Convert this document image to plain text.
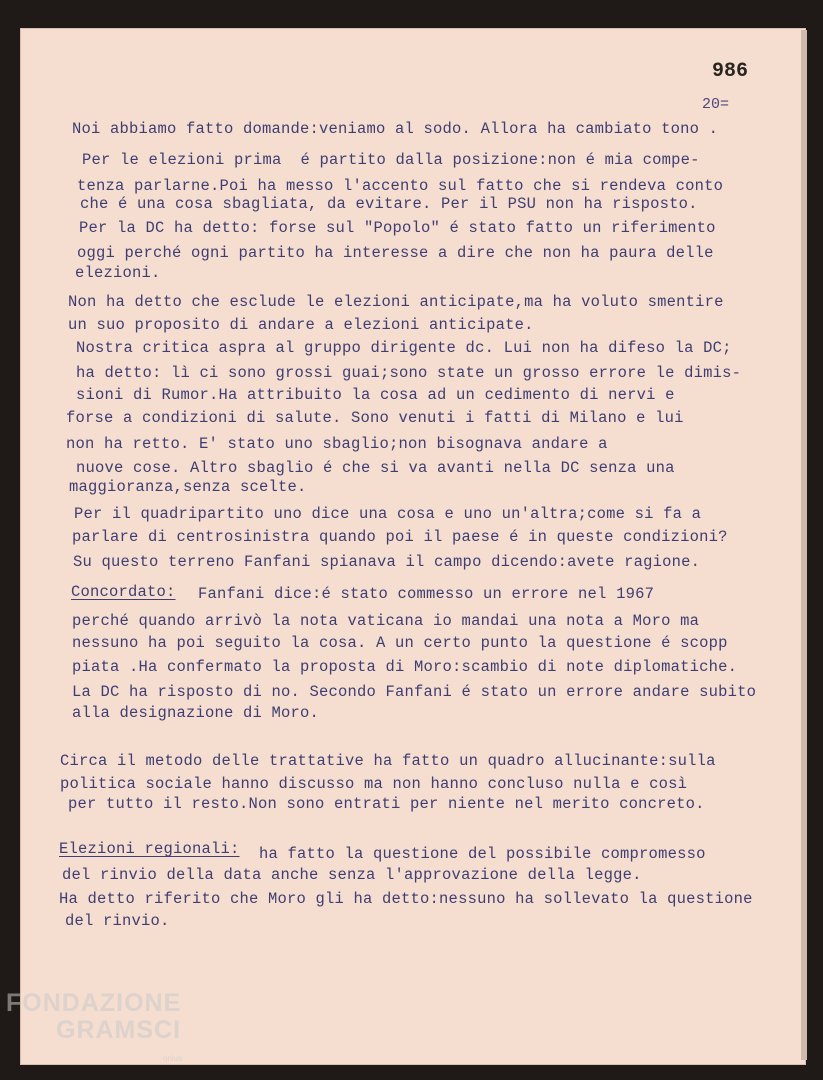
986
20=
Noi abbiamo fatto domande:veniamo al sodo. Allora ha cambiato tono .
Per le elezioni prima  é partito dalla posizione:non é mia compe-
tenza parlarne.Poi ha messo l'accento sul fatto che si rendeva conto
che é una cosa sbagliata, da evitare. Per il PSU non ha risposto.
Per la DC ha detto: forse sul "Popolo" é stato fatto un riferimento
oggi perché ogni partito ha interesse a dire che non ha paura delle
elezioni.
Non ha detto che esclude le elezioni anticipate,ma ha voluto smentire
un suo proposito di andare a elezioni anticipate.
Nostra critica aspra al gruppo dirigente dc. Lui non ha difeso la DC;
ha detto: lì ci sono grossi guai;sono state un grosso errore le dimis-
sioni di Rumor.Ha attribuito la cosa ad un cedimento di nervi e
forse a condizioni di salute. Sono venuti i fatti di Milano e lui
non ha retto. E' stato uno sbaglio;non bisognava andare a
nuove cose. Altro sbaglio é che si va avanti nella DC senza una
maggioranza,senza scelte.
Per il quadripartito uno dice una cosa e uno un'altra;come si fa a
parlare di centrosinistra quando poi il paese é in queste condizioni?
Su questo terreno Fanfani spianava il campo dicendo:avete ragione.
Concordato: Fanfani dice:é stato commesso un errore nel 1967
perché quando arrivò la nota vaticana io mandai una nota a Moro ma
nessuno ha poi seguito la cosa. A un certo punto la questione é scopp
piata .Ha confermato la proposta di Moro:scambio di note diplomatiche.
La DC ha risposto di no. Secondo Fanfani é stato un errore andare subito
alla designazione di Moro.
Circa il metodo delle trattative ha fatto un quadro allucinante:sulla
politica sociale hanno discusso ma non hanno concluso nulla e così
per tutto il resto.Non sono entrati per niente nel merito concreto.
Elezioni regionali: ha fatto la questione del possibile compromesso
del rinvio della data anche senza l'approvazione della legge.
Ha detto riferito che Moro gli ha detto:nessuno ha sollevato la questione
del rinvio.
FONDAZIONE
GRAMSCI
onlus
